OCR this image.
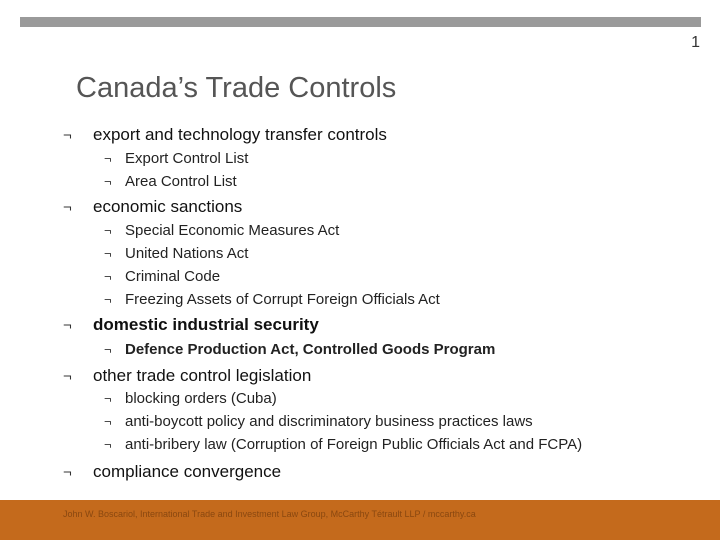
1
Canada’s Trade Controls
¬	export and technology transfer controls
¬ Export Control List
¬ Area Control List
¬	economic sanctions
¬ Special Economic Measures Act
¬ United Nations Act
¬ Criminal Code
¬ Freezing Assets of Corrupt Foreign Officials Act
¬	domestic industrial security
¬ Defence Production Act, Controlled Goods Program
¬	other trade control legislation
¬ blocking orders (Cuba)
¬ anti-boycott policy and discriminatory business practices laws
¬ anti-bribery law (Corruption of Foreign Public Officials Act and FCPA)
¬	compliance convergence
John W. Boscariol, International Trade and Investment Law Group, McCarthy Tétrault LLP / mccarthy.ca
